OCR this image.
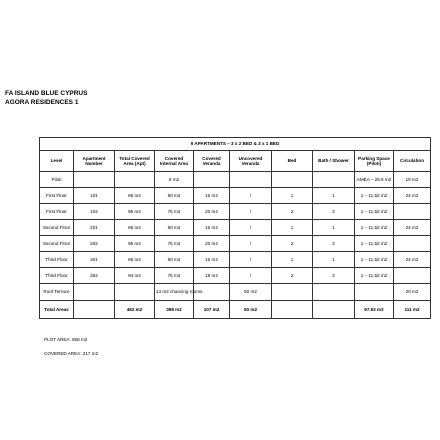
FA ISLAND BLUE CYPRUS
AGORA RESIDENCES 1
6 APARTMENTS – 3 x 2 BED & 3 x 1 BED									
Level	Apartment Number	Total Covered Area (Apt)	Covered Internal Area	Covered Veranda	Uncovered Veranda	Bed	Bath / Shower	Parking Space (Piloti)	Circulation
Piloti			9 m2					AMEA – 28.8 m2	19 m2
First Floor	101	66 m2	50 m2	16 m2	/	1	1	1 – 11.52 m2	24 m2
First Floor	102	95 m2	75 m2	20 m2	/	2	2	1 – 11.52 m2	
Second Floor	201	66 m2	50 m2	16 m2	/	1	1	1 – 11.52 m2	24 m2
Second Floor	202	95 m2	75 m2	20 m2	/	2	2	1 – 11.52 m2	
Third Floor	301	66 m2	50 m2	16 m2	/	1	1	1 – 11.52 m2	24 m2
Third Floor	302	94 m2	75 m2	19 m2	/	2	2	1 – 11.52 m2	
Roof Terrace			14 m2 chancing rooms		50 m2				20 m2
Total Areas		482 m2	398 m2	107 m2	50 m2			97.92 m2	111 m2
PLOT AREA: 558 m2
COVERED AREA: 217 m2
